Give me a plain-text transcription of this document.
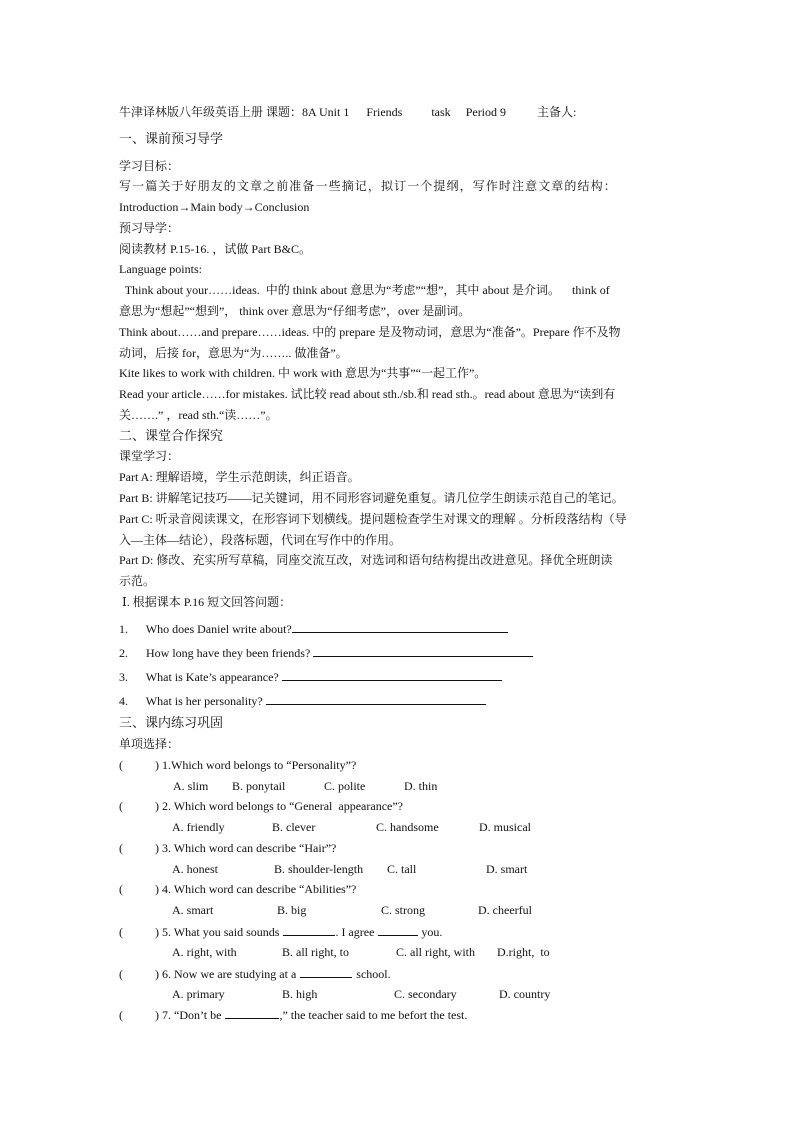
牛津译林版八年级英语上册 课题：8A Unit 1 Friends task Period 9	主备人:
一、课前预习导学
学习目标：
写一篇关于好朋友的文章之前准备一些摘记，拟订一个提纲，写作时注意文章的结构：
Introduction→Main body→Conclusion
预习导学：
阅读教材 P.15-16. ，试做 Part B&C。
Language points:
Think about your……ideas.  中的 think about 意思为“考虑”“想”，其中 about 是介词。    think of
意思为“想起”“想到”， think over 意思为“仔细考虑”，over 是副词。
Think about……and prepare……ideas. 中的 prepare 是及物动词，意思为“准备”。Prepare 作不及物
动词，后接 for，意思为“为…….. 做准备”。
Kite likes to work with children. 中 work with 意思为“共事”“一起工作”。
Read your article……for mistakes. 试比较 read about sth./sb.和 read sth.。read about 意思为“读到有
关…….” ，read sth.“读……”。
二、课堂合作探究
课堂学习：
Part A: 理解语境，学生示范朗读，纠正语音。
Part B: 讲解笔记技巧——记关键词，用不同形容词避免重复。请几位学生朗读示范自己的笔记。
Part C: 听录音阅读课文，在形容词下划横线。提问题检查学生对课文的理解 。分析段落结构（导
入—主体—结论），段落标题，代词在写作中的作用。
Part D: 修改、充实所写草稿，同座交流互改，对选词和语句结构提出改进意见。择优全班朗读
示范。
Ⅰ. 根据课本 P.16 短文回答问题：
1. Who does Daniel write about?
2. How long have they been friends?
3. What is Kate’s appearance?
4. What is her personality?
三、课内练习巩固
单项选择：
(	) 1.Which word belongs to “Personality”?
A. slim B. ponytail	C. polite	D. thin
(	) 2. Which word belongs to “General  appearance”?
A. friendly	B. clever	C. handsome	D. musical
(	) 3. Which word can describe “Hair”?
A. honest	B. shoulder-length C. tall	D. smart
(	) 4. Which word can describe “Abilities”?
A. smart	B. big	C. strong	D. cheerful
(	) 5. What you said sounds	. I agree	you.
A. right, with	B. all right, to	C. all right, with D.right,  to
(	) 6. Now we are studying at a	school.
A. primary	B. high	C. secondary	D. country
(	) 7. “Don’t be	,” the teacher said to me befort the test.
